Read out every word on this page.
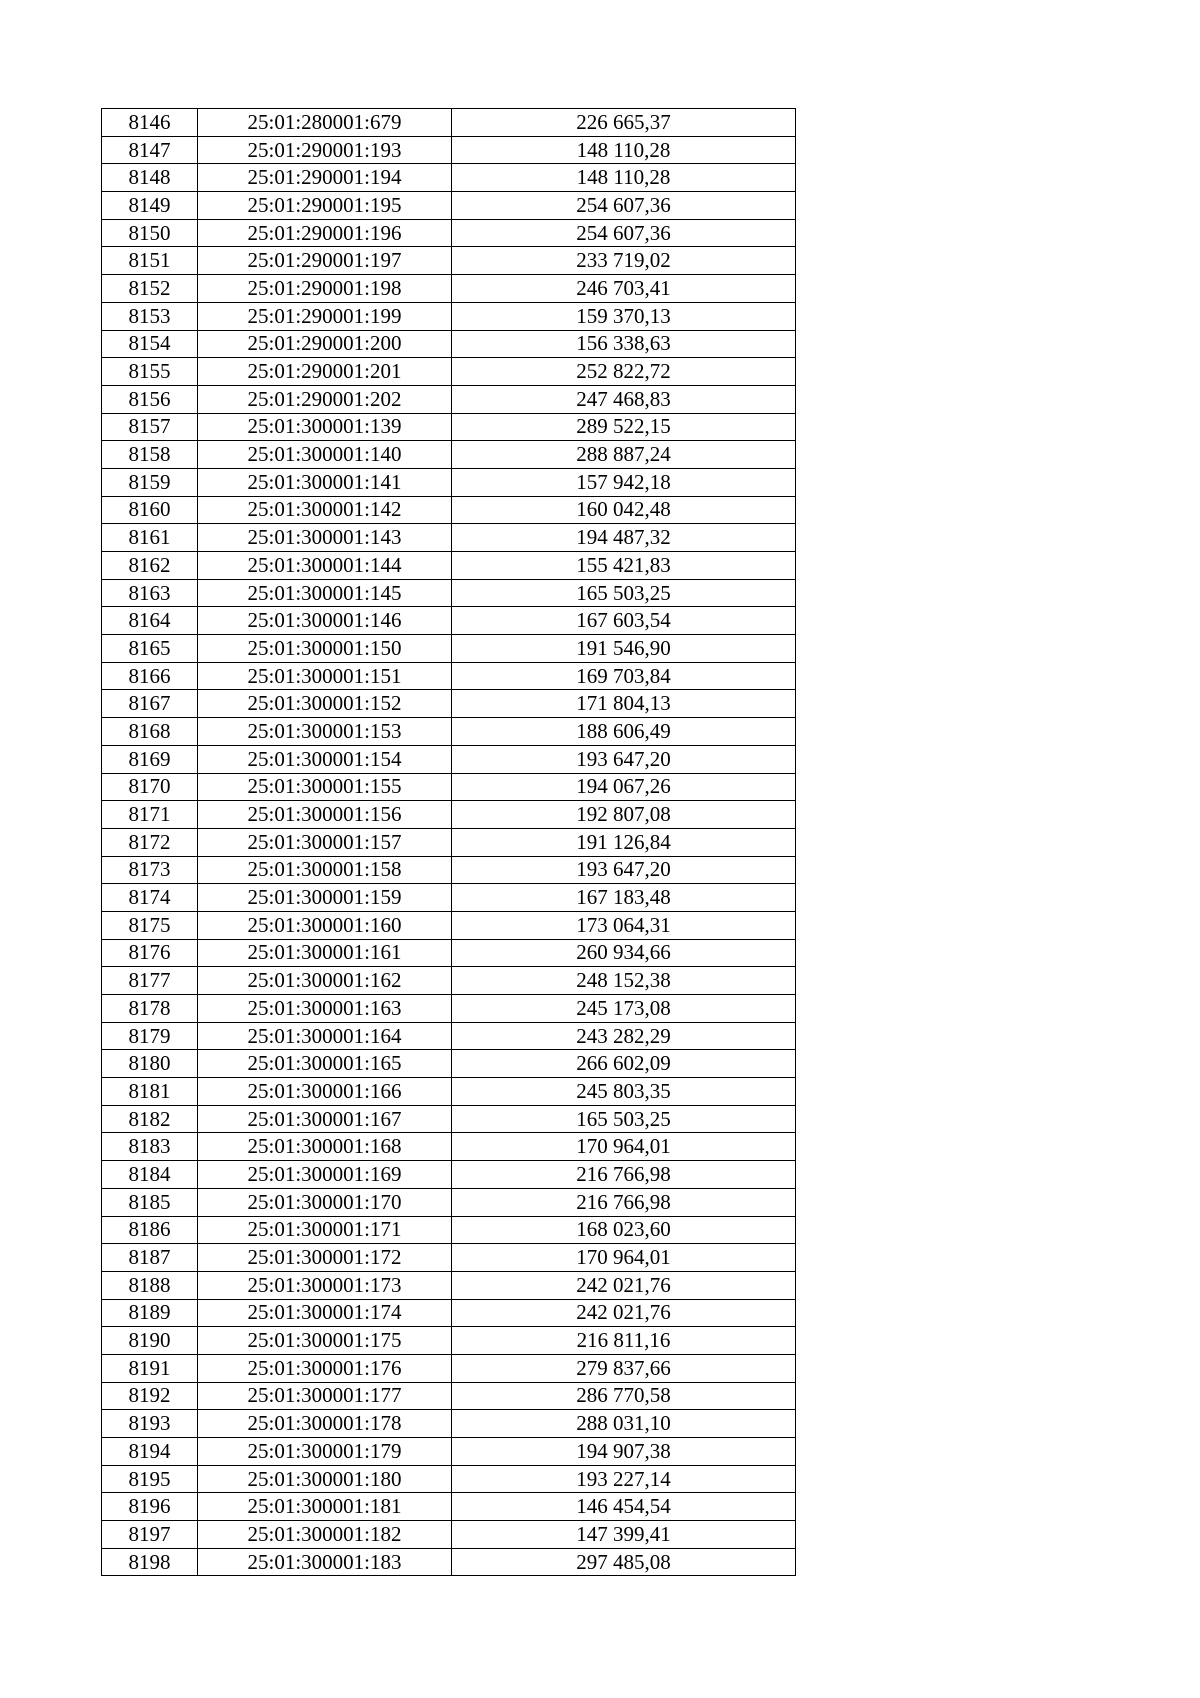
8146	25:01:280001:679	226 665,37
8147	25:01:290001:193	148 110,28
8148	25:01:290001:194	148 110,28
8149	25:01:290001:195	254 607,36
8150	25:01:290001:196	254 607,36
8151	25:01:290001:197	233 719,02
8152	25:01:290001:198	246 703,41
8153	25:01:290001:199	159 370,13
8154	25:01:290001:200	156 338,63
8155	25:01:290001:201	252 822,72
8156	25:01:290001:202	247 468,83
8157	25:01:300001:139	289 522,15
8158	25:01:300001:140	288 887,24
8159	25:01:300001:141	157 942,18
8160	25:01:300001:142	160 042,48
8161	25:01:300001:143	194 487,32
8162	25:01:300001:144	155 421,83
8163	25:01:300001:145	165 503,25
8164	25:01:300001:146	167 603,54
8165	25:01:300001:150	191 546,90
8166	25:01:300001:151	169 703,84
8167	25:01:300001:152	171 804,13
8168	25:01:300001:153	188 606,49
8169	25:01:300001:154	193 647,20
8170	25:01:300001:155	194 067,26
8171	25:01:300001:156	192 807,08
8172	25:01:300001:157	191 126,84
8173	25:01:300001:158	193 647,20
8174	25:01:300001:159	167 183,48
8175	25:01:300001:160	173 064,31
8176	25:01:300001:161	260 934,66
8177	25:01:300001:162	248 152,38
8178	25:01:300001:163	245 173,08
8179	25:01:300001:164	243 282,29
8180	25:01:300001:165	266 602,09
8181	25:01:300001:166	245 803,35
8182	25:01:300001:167	165 503,25
8183	25:01:300001:168	170 964,01
8184	25:01:300001:169	216 766,98
8185	25:01:300001:170	216 766,98
8186	25:01:300001:171	168 023,60
8187	25:01:300001:172	170 964,01
8188	25:01:300001:173	242 021,76
8189	25:01:300001:174	242 021,76
8190	25:01:300001:175	216 811,16
8191	25:01:300001:176	279 837,66
8192	25:01:300001:177	286 770,58
8193	25:01:300001:178	288 031,10
8194	25:01:300001:179	194 907,38
8195	25:01:300001:180	193 227,14
8196	25:01:300001:181	146 454,54
8197	25:01:300001:182	147 399,41
8198	25:01:300001:183	297 485,08
